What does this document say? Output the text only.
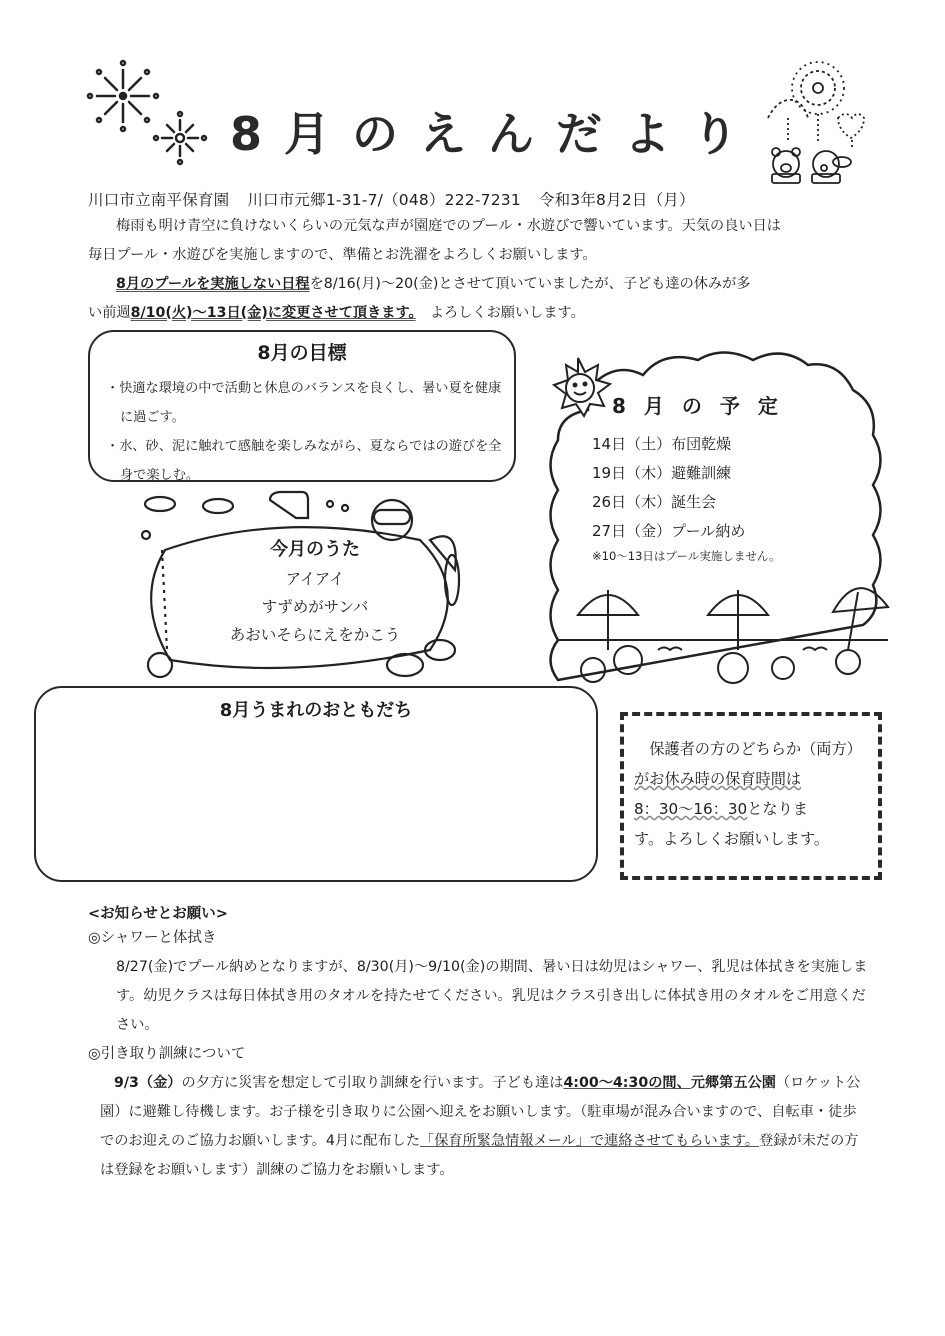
8月のえんだより
川口市立南平保育園 川口市元郷1-31-7/（048）222-7231 令和3年8月2日（月）

梅雨も明け青空に負けないくらいの元気な声が園庭でのプール・水遊びで響いています。天気の良い日は

毎日プール・水遊びを実施しますので、準備とお洗濯をよろしくお願いします。

8月のプールを実施しない日程を8/16(月)～20(金)とさせて頂いていましたが、子ども達の休みが多

い前週8/10(火)～13日(金)に変更させて頂きます。　 よろしくお願いします。

8月の目標
・ 快適な環境の中で活動と休息のバランスを良くし、暑い夏を健康に過ごす。
・ 水、砂、泥に触れて感触を楽しみながら、夏ならではの遊びを全身で楽しむ。
8月の予定
14日（土）布団乾燥
19日（木）避難訓練
26日（木）誕生会
27日（金）プール納め
※10～13日はプール実施しません。
今月のうた
アイアイ
すずめがサンバ
あおいそらにえをかこう
8月うまれのおともだち
　保護者の方のどちらか（両方）
がお休み時の保育時間は
8：30～16：30となりま
す。よろしくお願いします。
<お知らせとお願い>

◎シャワーと体拭き

8/27(金)でプール納めとなりますが、8/30(月)～9/10(金)の期間、暑い日は幼児はシャワー、乳児は体拭きを実施します。幼児クラスは毎日体拭き用のタオルを持たせてください。乳児はクラス引き出しに体拭き用のタオルをご用意ください。

◎引き取り訓練について

9/3（金）の夕方に災害を想定して引取り訓練を行います。子ども達は4:00～4:30の間、元郷第五公園（ロケット公園）に避難し待機します。お子様を引き取りに公園へ迎えをお願いします。（駐車場が混み合いますので、自転車・徒歩でのお迎えのご協力お願いします。4月に配布した「保育所緊急情報メール」で連絡させてもらいます。登録が未だの方は登録をお願いします）訓練のご協力をお願いします。
